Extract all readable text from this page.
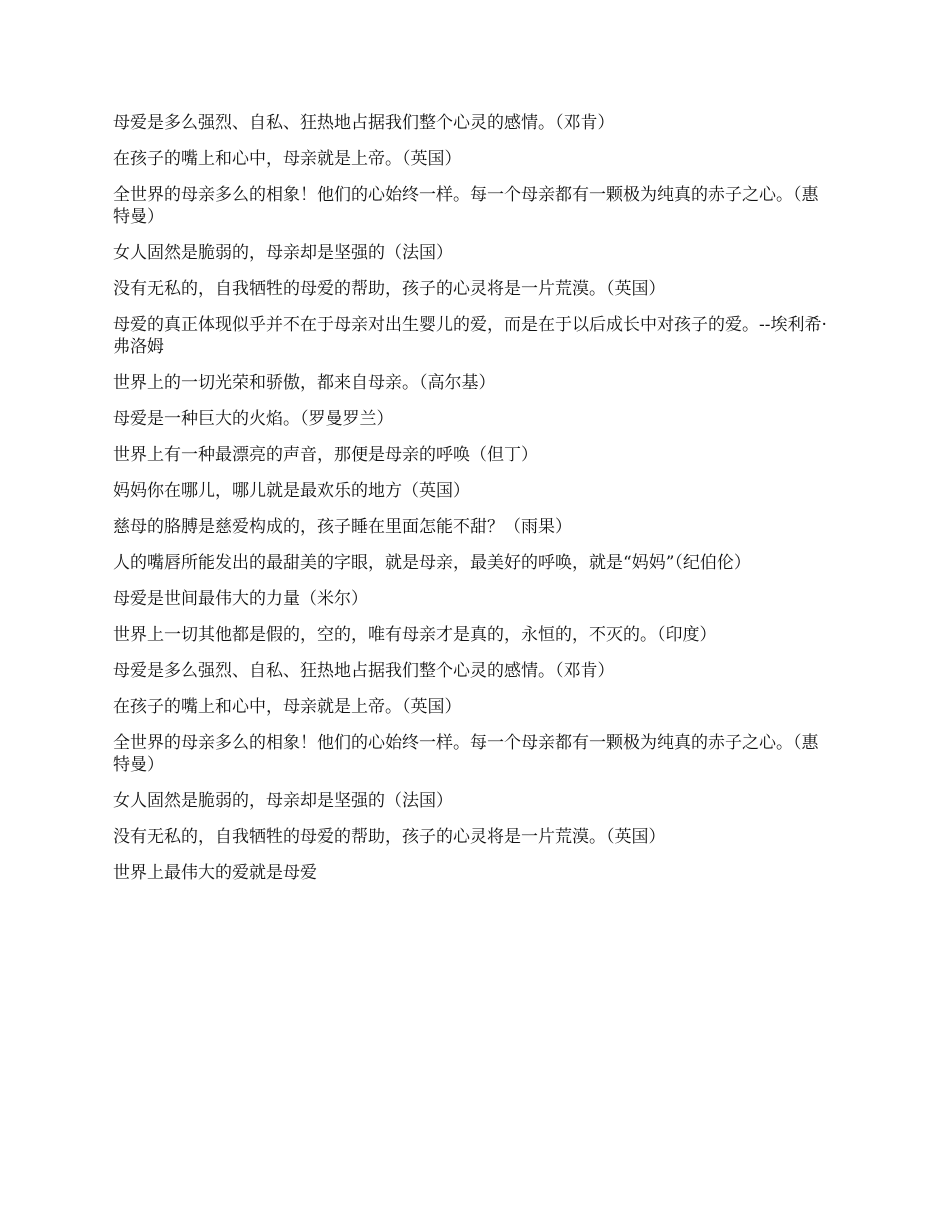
母爱是多么强烈、自私、狂热地占据我们整个心灵的感情。（邓肯）

在孩子的嘴上和心中，母亲就是上帝。（英国）

全世界的母亲多么的相象！他们的心始终一样。每一个母亲都有一颗极为纯真的赤子之心。（惠特曼）

女人固然是脆弱的，母亲却是坚强的（法国）

没有无私的，自我牺牲的母爱的帮助，孩子的心灵将是一片荒漠。（英国）

母爱的真正体现似乎并不在于母亲对出生婴儿的爱，而是在于以后成长中对孩子的爱。--埃利希·弗洛姆

世界上的一切光荣和骄傲，都来自母亲。（高尔基）

母爱是一种巨大的火焰。（罗曼罗兰）

世界上有一种最漂亮的声音，那便是母亲的呼唤（但丁）

妈妈你在哪儿，哪儿就是最欢乐的地方（英国）

慈母的胳膊是慈爱构成的，孩子睡在里面怎能不甜？（雨果）

人的嘴唇所能发出的最甜美的字眼，就是母亲，最美好的呼唤，就是“妈妈”（纪伯伦）

母爱是世间最伟大的力量（米尔）

世界上一切其他都是假的，空的，唯有母亲才是真的，永恒的，不灭的。（印度）

母爱是多么强烈、自私、狂热地占据我们整个心灵的感情。（邓肯）

在孩子的嘴上和心中，母亲就是上帝。（英国）

全世界的母亲多么的相象！他们的心始终一样。每一个母亲都有一颗极为纯真的赤子之心。（惠特曼）

女人固然是脆弱的，母亲却是坚强的（法国）

没有无私的，自我牺牲的母爱的帮助，孩子的心灵将是一片荒漠。（英国）

世界上最伟大的爱就是母爱
